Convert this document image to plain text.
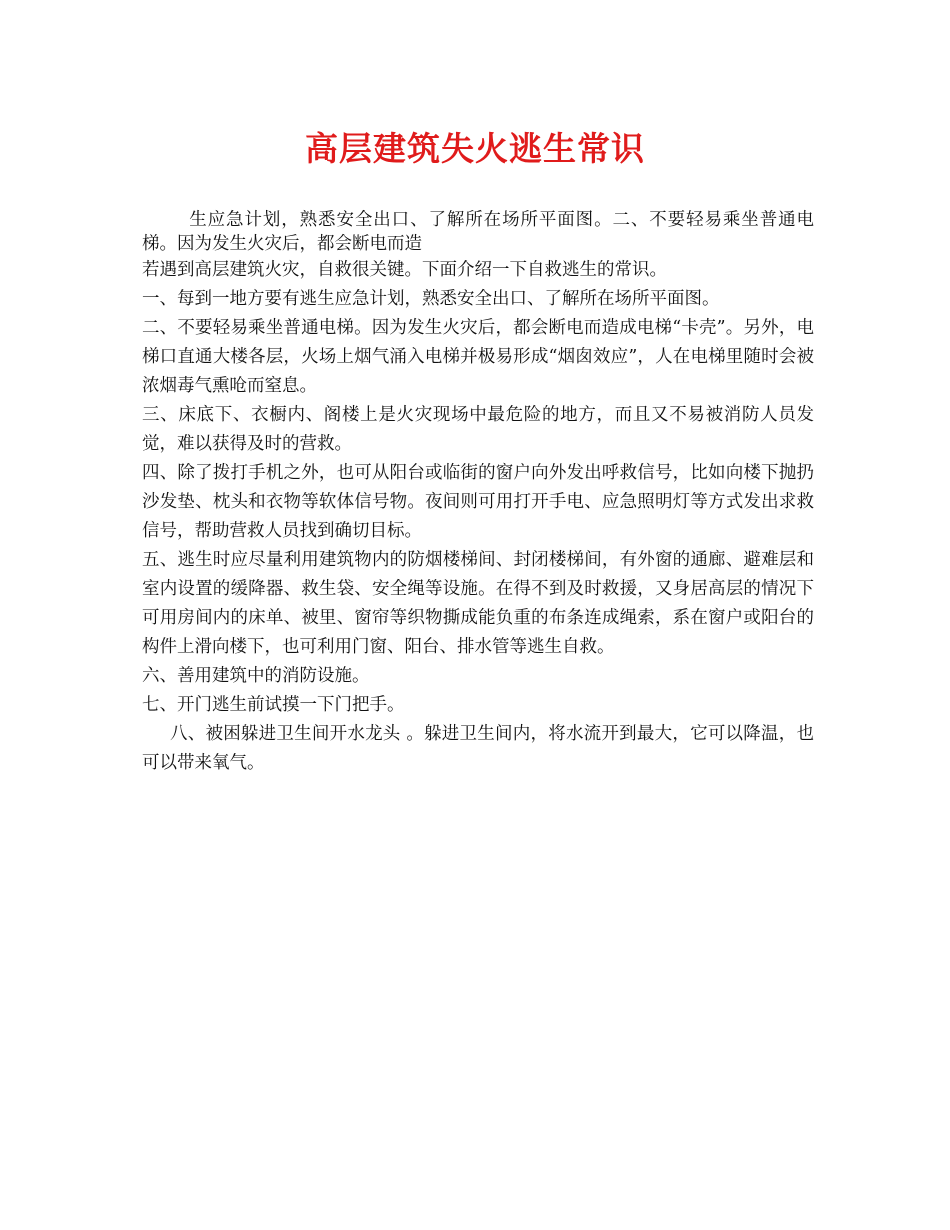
高层建筑失火逃生常识

生应急计划，熟悉安全出口、了解所在场所平面图。二、不要轻易乘坐普通电梯。因为发生火灾后，都会断电而造

若遇到高层建筑火灾，自救很关键。下面介绍一下自救逃生的常识。

一、每到一地方要有逃生应急计划，熟悉安全出口、了解所在场所平面图。

二、不要轻易乘坐普通电梯。因为发生火灾后，都会断电而造成电梯“卡壳”。另外，电梯口直通大楼各层，火场上烟气涌入电梯并极易形成“烟囱效应”，人在电梯里随时会被浓烟毒气熏呛而窒息。

三、床底下、衣橱内、阁楼上是火灾现场中最危险的地方，而且又不易被消防人员发觉，难以获得及时的营救。

四、除了拨打手机之外，也可从阳台或临街的窗户向外发出呼救信号，比如向楼下抛扔沙发垫、枕头和衣物等软体信号物。夜间则可用打开手电、应急照明灯等方式发出求救信号，帮助营救人员找到确切目标。

五、逃生时应尽量利用建筑物内的防烟楼梯间、封闭楼梯间，有外窗的通廊、避难层和室内设置的缓降器、救生袋、安全绳等设施。在得不到及时救援，又身居高层的情况下可用房间内的床单、被里、窗帘等织物撕成能负重的布条连成绳索，系在窗户或阳台的构件上滑向楼下，也可利用门窗、阳台、排水管等逃生自救。

六、善用建筑中的消防设施。

七、开门逃生前试摸一下门把手。

八、被困躲进卫生间开水龙头 。躲进卫生间内，将水流开到最大，它可以降温，也可以带来氧气。
